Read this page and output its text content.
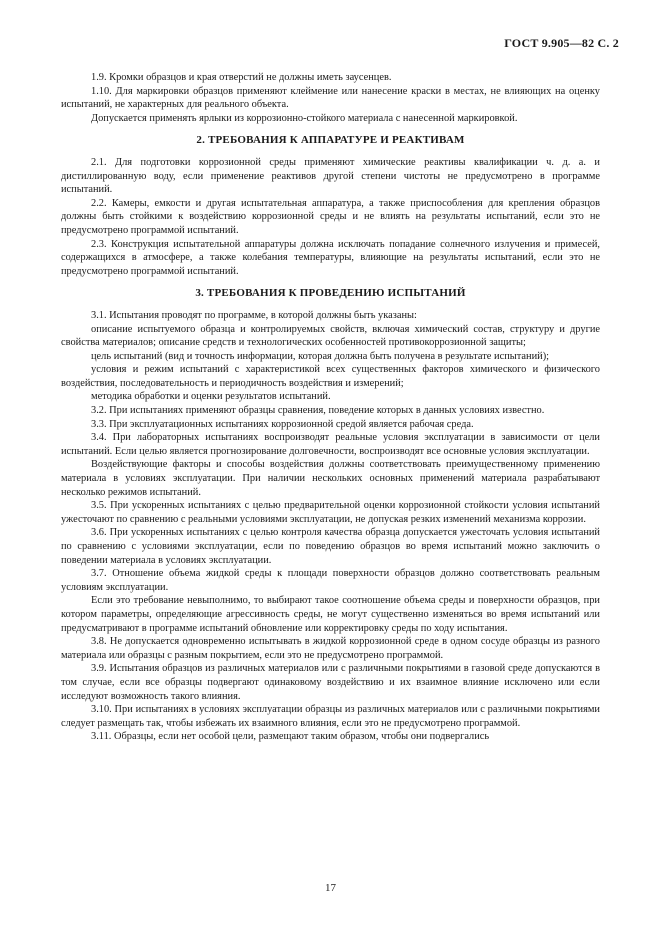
ГОСТ 9.905—82 С. 2
1.9. Кромки образцов и края отверстий не должны иметь заусенцев.
1.10. Для маркировки образцов применяют клеймение или нанесение краски в местах, не влияющих на оценку испытаний, не характерных для реального объекта.
Допускается применять ярлыки из коррозионно-стойкого материала с нанесенной маркировкой.
2. ТРЕБОВАНИЯ К АППАРАТУРЕ И РЕАКТИВАМ
2.1. Для подготовки коррозионной среды применяют химические реактивы квалификации ч. д. а. и дистиллированную воду, если применение реактивов другой степени чистоты не предусмотрено в программе испытаний.
2.2. Камеры, емкости и другая испытательная аппаратура, а также приспособления для крепления образцов должны быть стойкими к воздействию коррозионной среды и не влиять на результаты испытаний, если это не предусмотрено программой испытаний.
2.3. Конструкция испытательной аппаратуры должна исключать попадание солнечного излучения и примесей, содержащихся в атмосфере, а также колебания температуры, влияющие на результаты испытаний, если это не предусмотрено программой испытаний.
3. ТРЕБОВАНИЯ К ПРОВЕДЕНИЮ ИСПЫТАНИЙ
3.1. Испытания проводят по программе, в которой должны быть указаны:
описание испытуемого образца и контролируемых свойств, включая химический состав, структуру и другие свойства материалов; описание средств и технологических особенностей противокоррозионной защиты;
цель испытаний (вид и точность информации, которая должна быть получена в результате испытаний);
условия и режим испытаний с характеристикой всех существенных факторов химического и физического воздействия, последовательность и периодичность воздействия и измерений;
методика обработки и оценки результатов испытаний.
3.2. При испытаниях применяют образцы сравнения, поведение которых в данных условиях известно.
3.3. При эксплуатационных испытаниях коррозионной средой является рабочая среда.
3.4. При лабораторных испытаниях воспроизводят реальные условия эксплуатации в зависимости от цели испытаний. Если целью является прогнозирование долговечности, воспроизводят все основные условия эксплуатации.
Воздействующие факторы и способы воздействия должны соответствовать преимущественному применению материала в условиях эксплуатации. При наличии нескольких основных применений материала разрабатывают несколько режимов испытаний.
3.5. При ускоренных испытаниях с целью предварительной оценки коррозионной стойкости условия испытаний ужесточают по сравнению с реальными условиями эксплуатации, не допуская резких изменений механизма коррозии.
3.6. При ускоренных испытаниях с целью контроля качества образца допускается ужесточать условия испытаний по сравнению с условиями эксплуатации, если по поведению образцов во время испытаний можно заключить о поведении материала в условиях эксплуатации.
3.7. Отношение объема жидкой среды к площади поверхности образцов должно соответствовать реальным условиям эксплуатации.
Если это требование невыполнимо, то выбирают такое соотношение объема среды и поверхности образцов, при котором параметры, определяющие агрессивность среды, не могут существенно изменяться во время испытаний или предусматривают в программе испытаний обновление или корректировку среды по ходу испытания.
3.8. Не допускается одновременно испытывать в жидкой коррозионной среде в одном сосуде образцы из разного материала или образцы с разным покрытием, если это не предусмотрено программой.
3.9. Испытания образцов из различных материалов или с различными покрытиями в газовой среде допускаются в том случае, если все образцы подвергают одинаковому воздействию и их взаимное влияние исключено или если исследуют возможность такого влияния.
3.10. При испытаниях в условиях эксплуатации образцы из различных материалов или с различными покрытиями следует размещать так, чтобы избежать их взаимного влияния, если это не предусмотрено программой.
3.11. Образцы, если нет особой цели, размещают таким образом, чтобы они подвергались
17
